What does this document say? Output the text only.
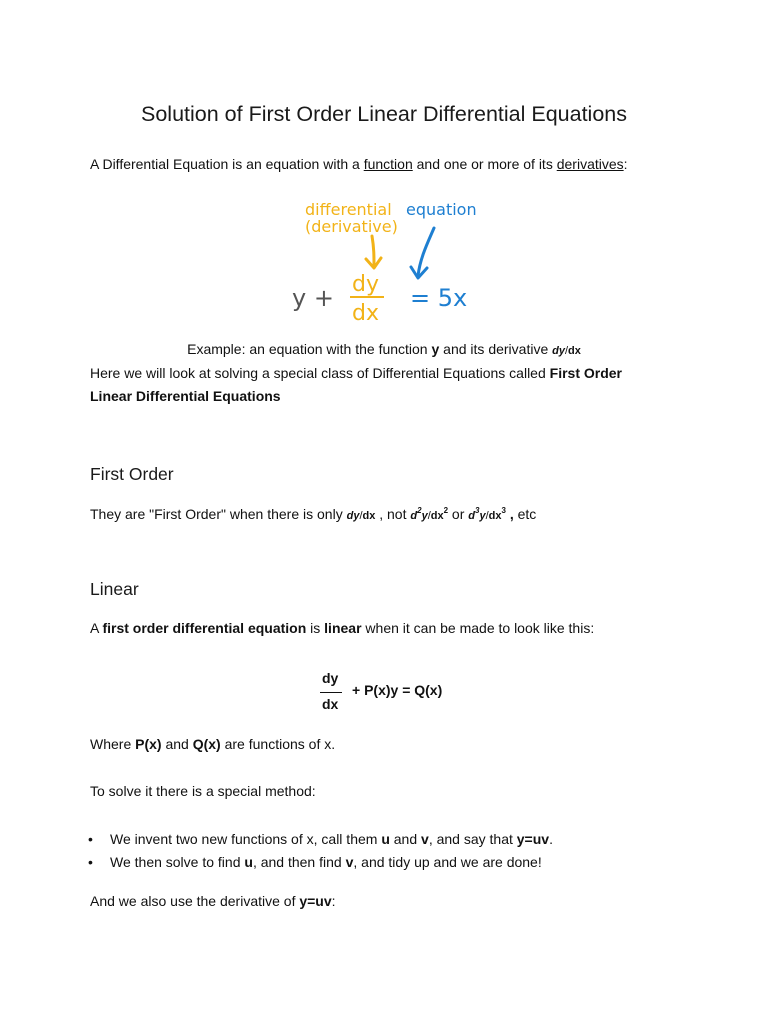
Solution of First Order Linear Differential Equations

A Differential Equation is an equation with a function and one or more of its derivatives:

differential
(derivative)
equation
y + dy
dx
= 5x

Example: an equation with the function y and its derivative dy/dx

Here we will look at solving a special class of Differential Equations called First Order
Linear Differential Equations

First Order

They are "First Order" when there is only dy/dx , not $d^2y/dx^2$ or $d^3y/dx^3$ , etc

Linear

A first order differential equation is linear when it can be made to look like this:

dy
dx
+ P(x)y = Q(x)

Where P(x) and Q(x) are functions of x.

To solve it there is a special method:

• We invent two new functions of x, call them u and v, and say that y=uv.
• We then solve to find u, and then find v, and tidy up and we are done!

And we also use the derivative of y=uv:
